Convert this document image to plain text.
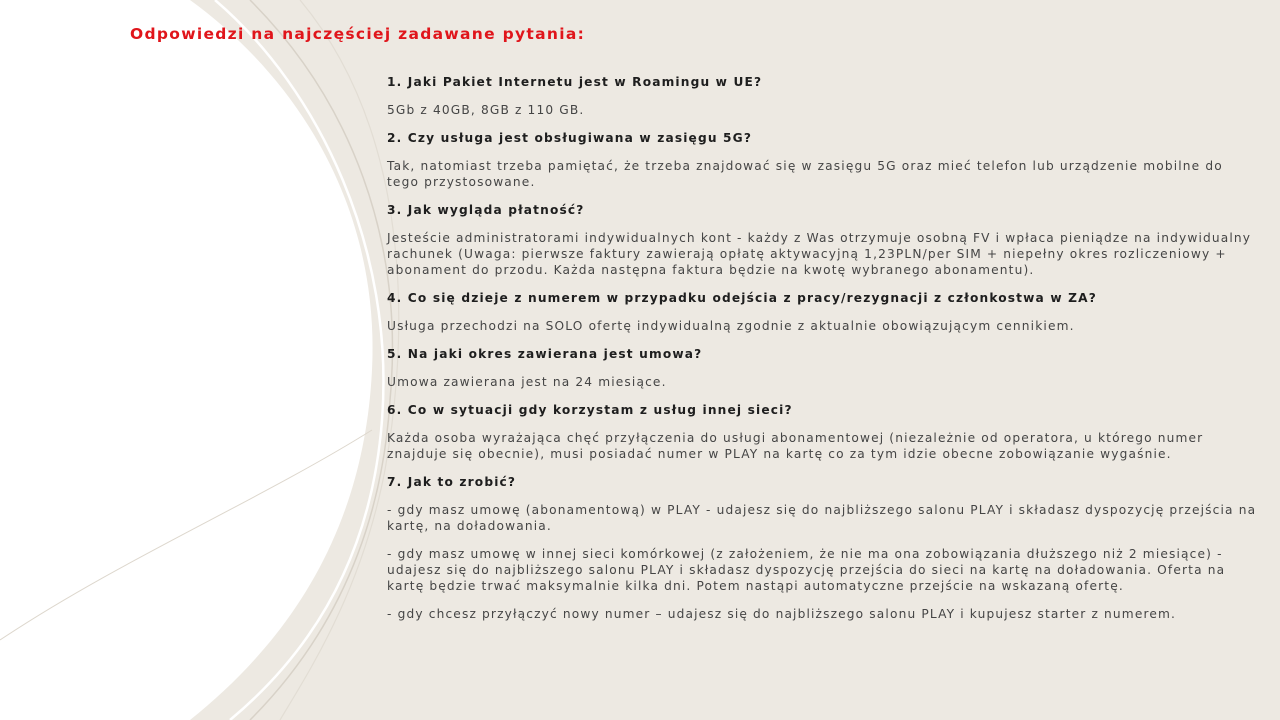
Odpowiedzi na najczęściej zadawane pytania:

1. Jaki Pakiet Internetu jest w Roamingu w UE?

5Gb z 40GB, 8GB z 110 GB.

2. Czy usługa jest obsługiwana w zasięgu 5G?

Tak, natomiast trzeba pamiętać, że trzeba znajdować się w zasięgu 5G oraz mieć telefon lub urządzenie mobilne do tego przystosowane.

3. Jak wygląda płatność?

Jesteście administratorami indywidualnych kont - każdy z Was otrzymuje osobną FV i wpłaca pieniądze na indywidualny rachunek (Uwaga: pierwsze faktury zawierają opłatę aktywacyjną 1,23PLN/per SIM + niepełny okres rozliczeniowy + abonament do przodu. Każda następna faktura będzie na kwotę wybranego abonamentu).

4. Co się dzieje z numerem w przypadku odejścia z pracy/rezygnacji z członkostwa w ZA?

Usługa przechodzi na SOLO ofertę indywidualną zgodnie z aktualnie obowiązującym cennikiem.

5. Na jaki okres zawierana jest umowa?

Umowa zawierana jest na 24 miesiące.

6. Co w sytuacji gdy korzystam z usług innej sieci?

Każda osoba wyrażająca chęć przyłączenia do usługi abonamentowej (niezależnie od operatora, u którego numer znajduje się obecnie), musi posiadać numer w PLAY na kartę co za tym idzie obecne zobowiązanie wygaśnie.

7. Jak to zrobić?

- gdy masz umowę (abonamentową) w PLAY - udajesz się do najbliższego salonu PLAY i składasz dyspozycję przejścia na kartę, na doładowania.

- gdy masz umowę w innej sieci komórkowej (z założeniem, że nie ma ona zobowiązania dłuższego niż 2 miesiące) - udajesz się do najbliższego salonu PLAY i składasz dyspozycję przejścia do sieci na kartę na doładowania. Oferta na kartę będzie trwać maksymalnie kilka dni. Potem nastąpi automatyczne przejście na wskazaną ofertę.

- gdy chcesz przyłączyć nowy numer – udajesz się do najbliższego salonu PLAY i kupujesz starter z numerem.
